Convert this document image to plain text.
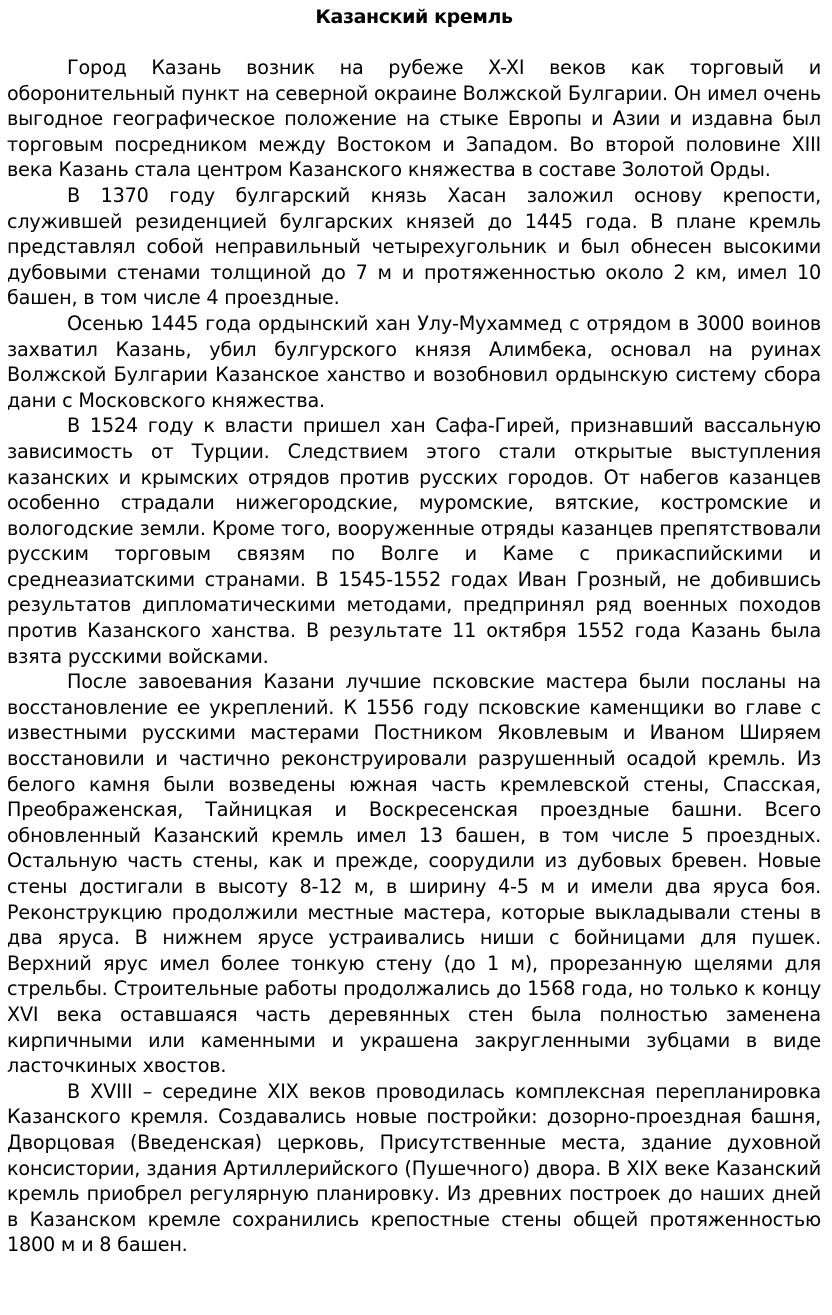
Казанский кремль

Город Казань возник на рубеже X-XI веков как торговый и оборонительный пункт на северной окраине Волжской Булгарии. Он имел очень выгодное географическое положение на стыке Европы и Азии и издавна был торговым посредником между Востоком и Западом. Во второй половине XIII века Казань стала центром Казанского княжества в составе Золотой Орды.

В 1370 году булгарский князь Хасан заложил основу крепости, служившей резиденцией булгарских князей до 1445 года. В плане кремль представлял собой неправильный четырехугольник и был обнесен высокими дубовыми стенами толщиной до 7 м и протяженностью около 2 км, имел 10 башен, в том числе 4 проездные.

Осенью 1445 года ордынский хан Улу-Мухаммед с отрядом в 3000 воинов захватил Казань, убил булгурского князя Алимбека, основал на руинах Волжской Булгарии Казанское ханство и возобновил ордынскую систему сбора дани с Московского княжества.

В 1524 году к власти пришел хан Сафа-Гирей, признавший вассальную зависимость от Турции. Следствием этого стали открытые выступления казанских и крымских отрядов против русских городов. От набегов казанцев особенно страдали нижегородские, муромские, вятские, костромские и вологодские земли. Кроме того, вооруженные отряды казанцев препятствовали русским торговым связям по Волге и Каме с прикаспийскими и среднеазиатскими странами. В 1545-1552 годах Иван Грозный, не добившись результатов дипломатическими методами, предпринял ряд военных походов против Казанского ханства. В результате 11 октября 1552 года Казань была взята русскими войсками.

После завоевания Казани лучшие псковские мастера были посланы на восстановление ее укреплений. К 1556 году псковские каменщики во главе с известными русскими мастерами Постником Яковлевым и Иваном Ширяем восстановили и частично реконструировали разрушенный осадой кремль. Из белого камня были возведены южная часть кремлевской стены, Спасская, Преображенская, Тайницкая и Воскресенская проездные башни. Всего обновленный Казанский кремль имел 13 башен, в том числе 5 проездных. Остальную часть стены, как и прежде, соорудили из дубовых бревен. Новые стены достигали в высоту 8-12 м, в ширину 4-5 м и имели два яруса боя. Реконструкцию продолжили местные мастера, которые выкладывали стены в два яруса. В нижнем ярусе устраивались ниши с бойницами для пушек. Верхний ярус имел более тонкую стену (до 1 м), прорезанную щелями для стрельбы. Строительные работы продолжались до 1568 года, но только к концу XVI века оставшаяся часть деревянных стен была полностью заменена кирпичными или каменными и украшена закругленными зубцами в виде ласточкиных хвостов.

В XVIII – середине XIX веков проводилась комплексная перепланировка Казанского кремля. Создавались новые постройки: дозорно-проездная башня, Дворцовая (Введенская) церковь, Присутственные места, здание духовной консистории, здания Артиллерийского (Пушечного) двора. В XIX веке Казанский кремль приобрел регулярную планировку. Из древних построек до наших дней в Казанском кремле сохранились крепостные стены общей протяженностью 1800 м и 8 башен.
